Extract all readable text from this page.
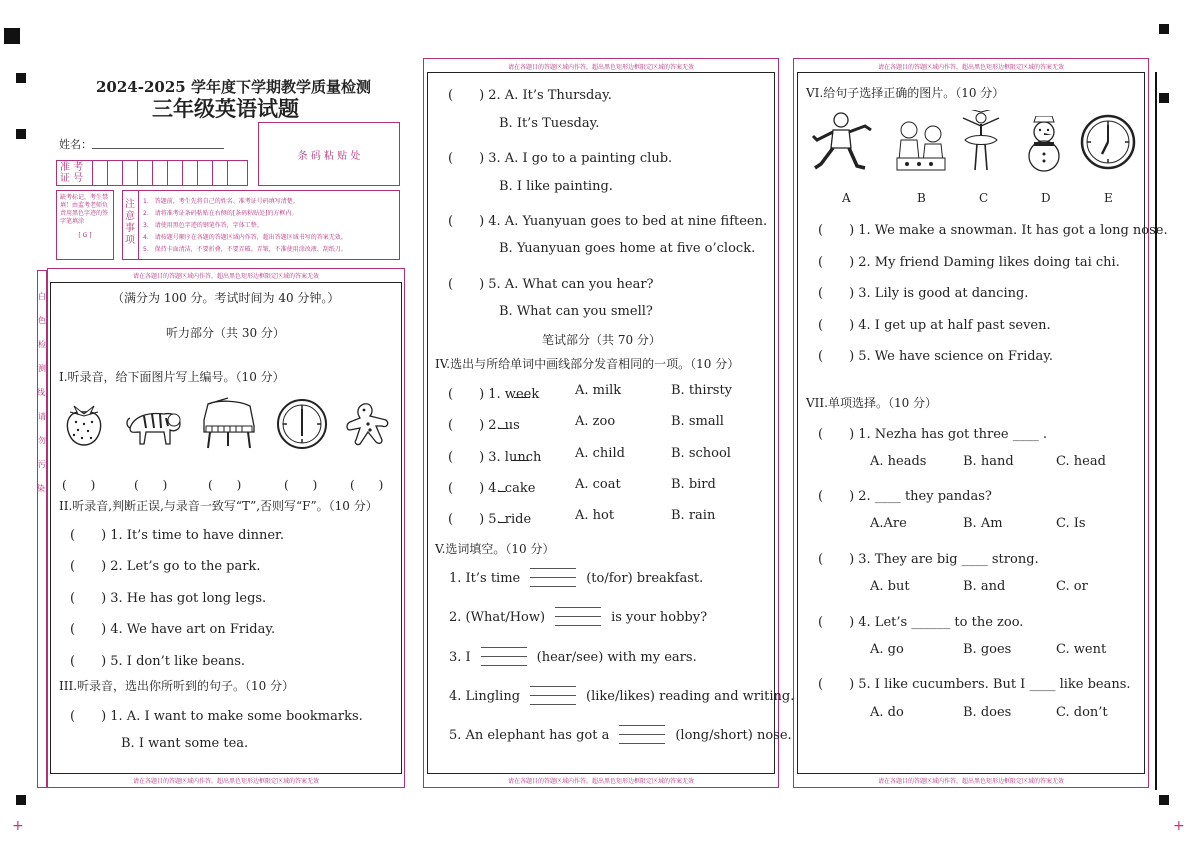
+	+
白色检测线，请勿污染！
2024-2025 学年度下学期教学质量检测
三年级英语试题
姓名：
准 考
证 号
条 码 粘 贴 处
缺考标记，考生禁填！由监考老师负责用黑色字迹的签字笔填涂
[ G ]
注意事项
1.　答题前，考生先将自己的姓名、准考证号码填写清楚。
2.　请将准考证条码粘贴在右侧的[条码粘贴处]的方框内。
3.　请使用黑色字迹的钢笔作答，字体工整。
4.　请按题号顺序在各题的答题区域内作答，超出答题区域书写的答案无效。
5.　保持卡面清洁，不要折叠，不要弄破。弄皱，不准使用涂改液、刮纸刀。
请在各题目的答题区域内作答，超出黑色矩形边框限定区域的答案无效
请在各题目的答题区域内作答，超出黑色矩形边框限定区域的答案无效
（满分为 100 分。考试时间为 40 分钟。）
听力部分（共 30 分）
I.听录音，给下面图片写上编号。（10 分）
(　　)	(　　)	(　　)	(　　)	(　　)
II.听录音,判断正误,与录音一致写“T”,否则写“F”。（10 分）
(　　) 1. It’s time to have dinner.
(　　) 2. Let’s go to the park.
(　　) 3. He has got long legs.
(　　) 4. We have art on Friday.
(　　) 5. I don’t like beans.
III.听录音，选出你所听到的句子。（10 分）
(　　) 1. A. I want to make some bookmarks.
B. I want some tea.
请在各题目的答题区域内作答，超出黑色矩形边框限定区域的答案无效
请在各题目的答题区域内作答，超出黑色矩形边框限定区域的答案无效
(　　) 2. A. It’s Thursday.
B. It’s Tuesday.
(　　) 3. A. I go to a painting club.
B. I like painting.
(　　) 4. A. Yuanyuan goes to bed at nine fifteen.
B. Yuanyuan goes home at five o’clock.
(　　) 5. A. What can you hear?
B. What can you smell?
笔试部分（共 70 分）
IV.选出与所给单词中画线部分发音相同的一项。（10 分）
(　　) 1. week	A. milk	B. thirsty
(　　) 2. us	A. zoo	B. small
(　　) 3. lunch	A. child	B. school
(　　) 4. cake	A. coat	B. bird
(　　) 5. ride	A. hot	B. rain
V.选词填空。（10 分）
1. It’s time	(to/for) breakfast.
2. (What/How)	is your hobby?
3. I	(hear/see) with my ears.
4. Lingling	(like/likes) reading and writing.
5. An elephant has got a	(long/short) nose.
请在各题目的答题区域内作答，超出黑色矩形边框限定区域的答案无效
请在各题目的答题区域内作答，超出黑色矩形边框限定区域的答案无效
VI.给句子选择正确的图片。（10 分）
A	B	C	D	E
(　　) 1. We make a snowman. It has got a long nose.
(　　) 2. My friend Daming likes doing tai chi.
(　　) 3. Lily is good at dancing.
(　　) 4. I get up at half past seven.
(　　) 5. We have science on Friday.
VII.单项选择。（10 分）
(　　) 1. Nezha has got three ____ .
A. heads	B. hand	C. head
(　　) 2. ____ they pandas?
A.Are	B. Am	C. Is
(　　) 3. They are big ____ strong.
A. but	B. and	C. or
(　　) 4. Let’s ______ to the zoo.
A. go	B. goes	C. went
(　　) 5. I like cucumbers. But I ____ like beans.
A. do	B. does	C. don’t
